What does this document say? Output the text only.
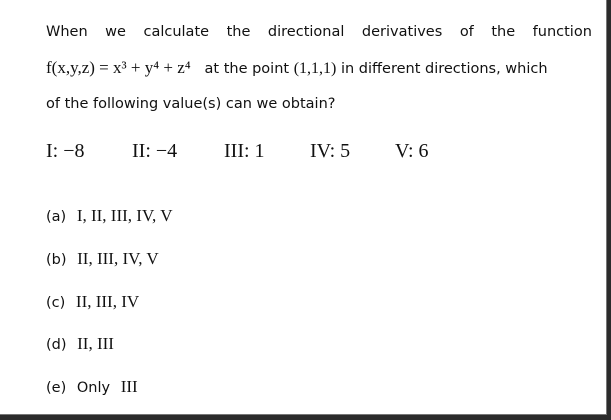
When we calculate the directional derivatives of the function
f(x,y,z) = x³ + y⁴ + z⁴ at the point (1,1,1) in different directions, which
of the following value(s) can we obtain?
I: −8 II: −4 III: 1 IV: 5 V: 6
(a) I, II, III, IV, V
(b) II, III, IV, V
(c) II, III, IV
(d) II, III
(e) Only III
